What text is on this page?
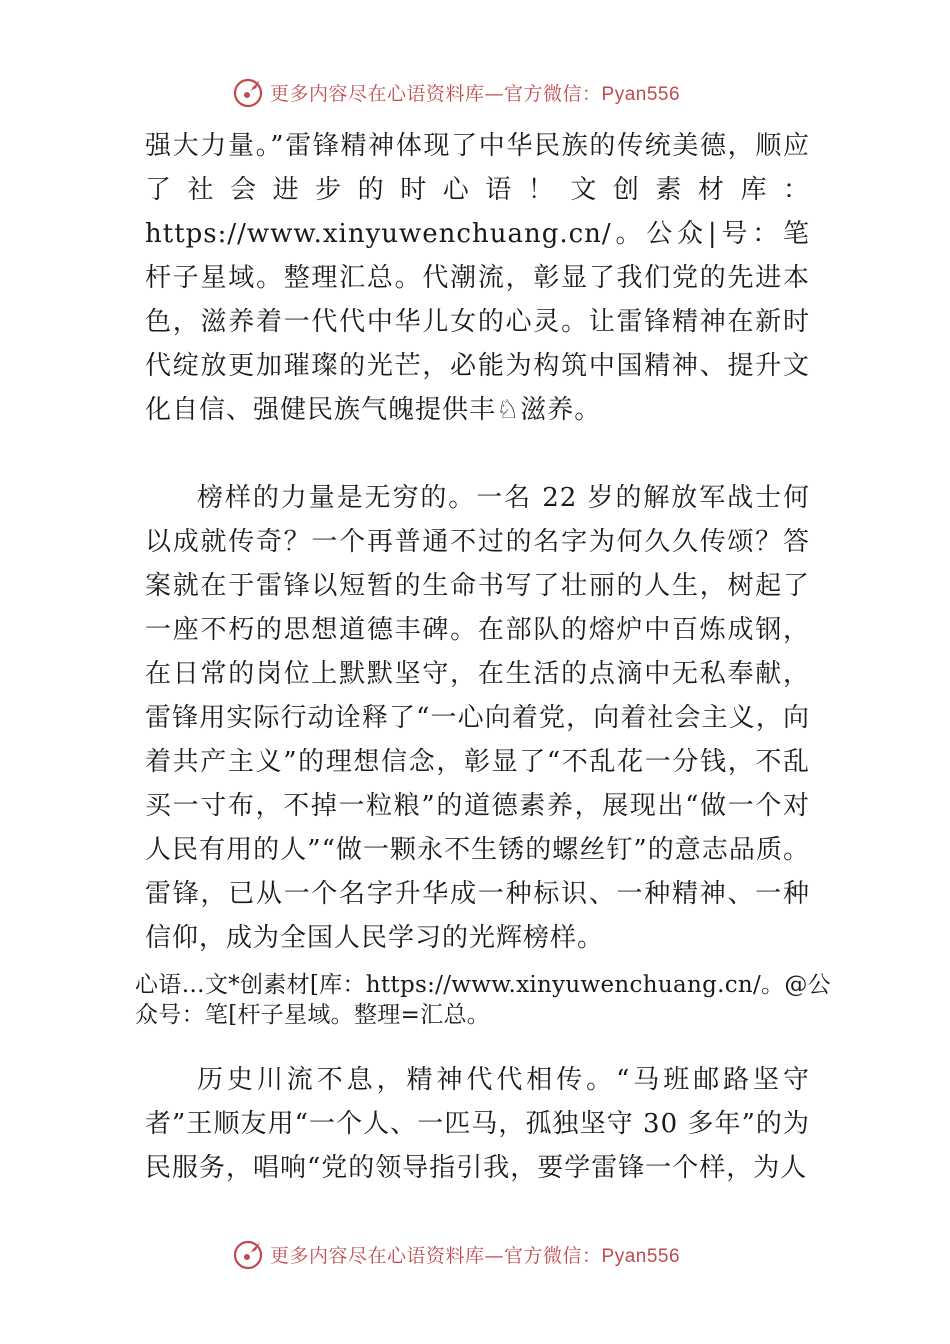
更多内容尽在心语资料库—官方微信：Pyan556

强大力量。”雷锋精神体现了中华民族的传统美德，顺应了社会进步的时心语！文创素材库：https://www.xinyuwenchuang.cn/。公众|号：笔杆子星域。整理汇总。代潮流，彰显了我们党的先进本色，滋养着一代代中华儿女的心灵。让雷锋精神在新时代绽放更加璀璨的光芒，必能为构筑中国精神、提升文化自信、强健民族气魄提供丰♘滋养。

榜样的力量是无穷的。一名 22 岁的解放军战士何以成就传奇？一个再普通不过的名字为何久久传颂？答案就在于雷锋以短暂的生命书写了壮丽的人生，树起了一座不朽的思想道德丰碑。在部队的熔炉中百炼成钢，在日常的岗位上默默坚守，在生活的点滴中无私奉献，雷锋用实际行动诠释了“一心向着党，向着社会主义，向着共产主义”的理想信念，彰显了“不乱花一分钱，不乱买一寸布，不掉一粒粮”的道德素养，展现出“做一个对人民有用的人”“做一颗永不生锈的螺丝钉”的意志品质。雷锋，已从一个名字升华成一种标识、一种精神、一种信仰，成为全国人民学习的光辉榜样。

心语…文*创素材[库：https://www.xinyuwenchuang.cn/。@公众号：笔[杆子星域。整理=汇总。

历史川流不息，精神代代相传。“马班邮路坚守者”王顺友用“一个人、一匹马，孤独坚守 30 多年”的为民服务，唱响“党的领导指引我，要学雷锋一个样，为人

更多内容尽在心语资料库—官方微信：Pyan556
